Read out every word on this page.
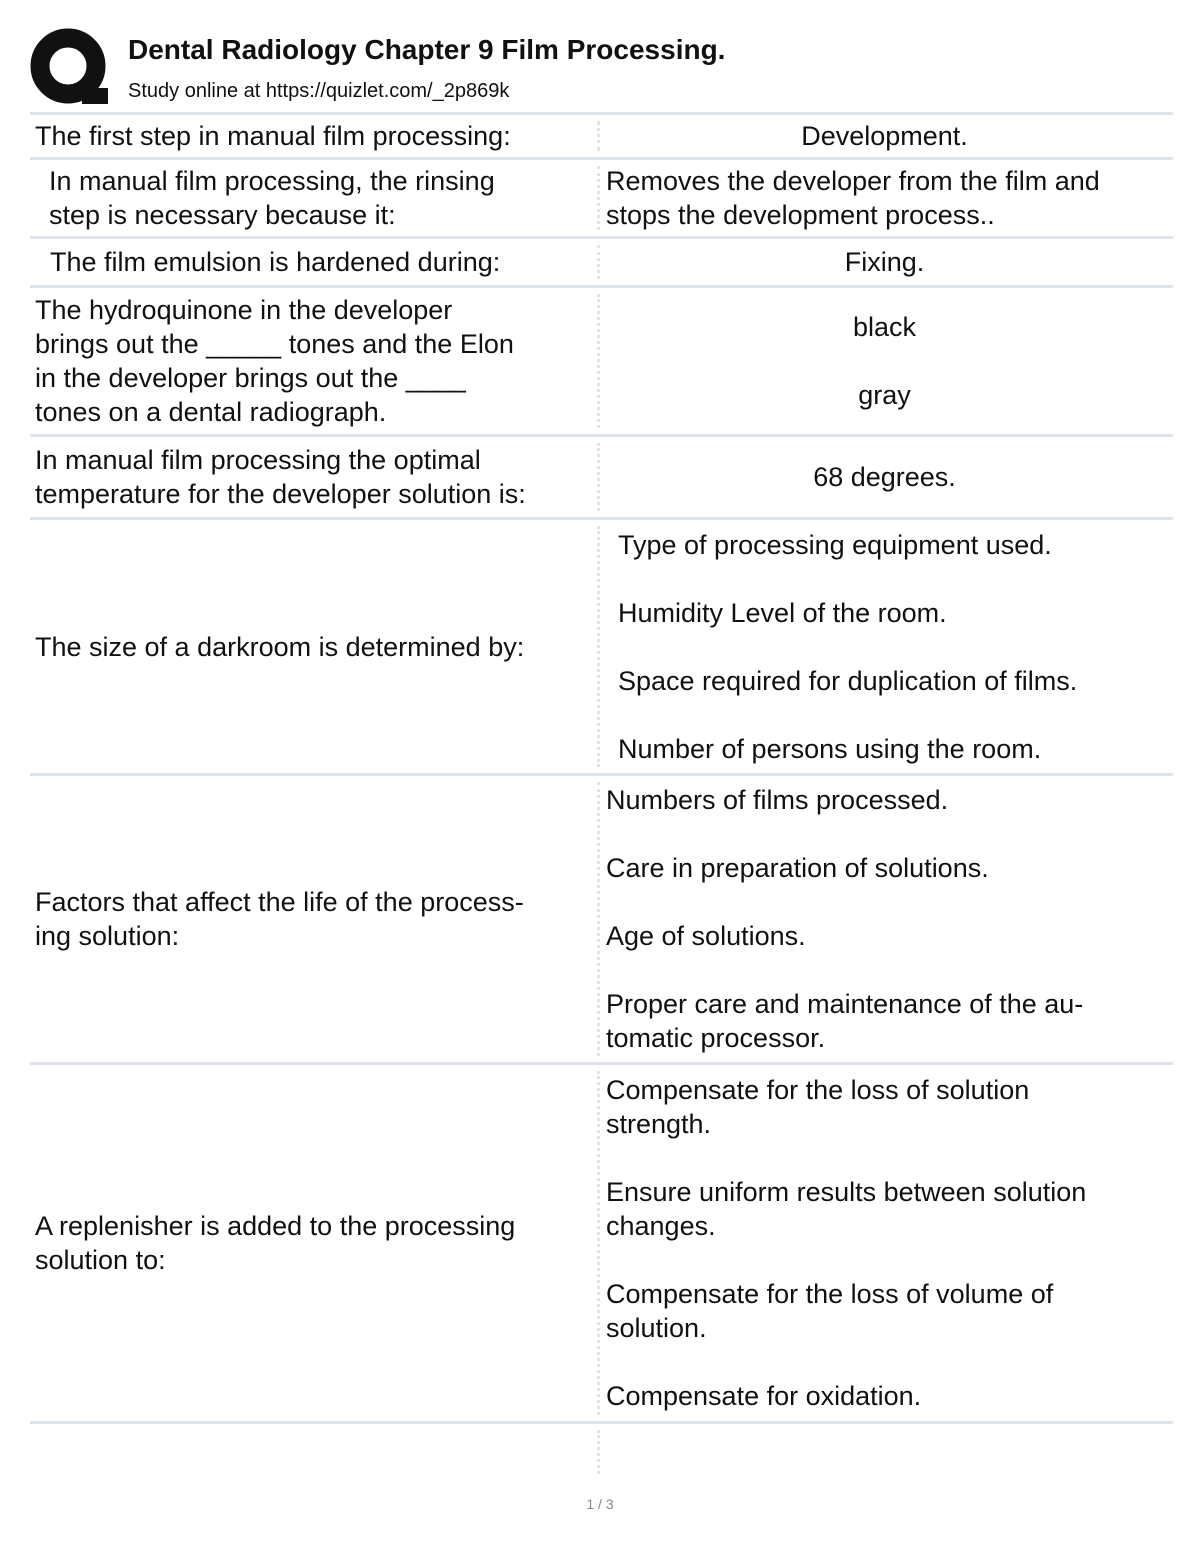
Dental Radiology Chapter 9 Film Processing.
Study online at https://quizlet.com/_2p869k
The first step in manual film processing:	Development.
In manual film processing, the rinsing
step is necessary because it:
Removes the developer from the film and
stops the development process..
The film emulsion is hardened during:	Fixing.
The hydroquinone in the developer
brings out the _____ tones and the Elon
in the developer brings out the ____
tones on a dental radiograph.
black
gray
In manual film processing the optimal
temperature for the developer solution is:
68 degrees.
The size of a darkroom is determined by:
Type of processing equipment used.
Humidity Level of the room.
Space required for duplication of films.
Number of persons using the room.
Factors that affect the life of the process-
ing solution:
Numbers of films processed.
Care in preparation of solutions.
Age of solutions.
Proper care and maintenance of the au-
tomatic processor.
A replenisher is added to the processing
solution to:
Compensate for the loss of solution
strength.
Ensure uniform results between solution
changes.
Compensate for the loss of volume of
solution.
Compensate for oxidation.
1 / 3
